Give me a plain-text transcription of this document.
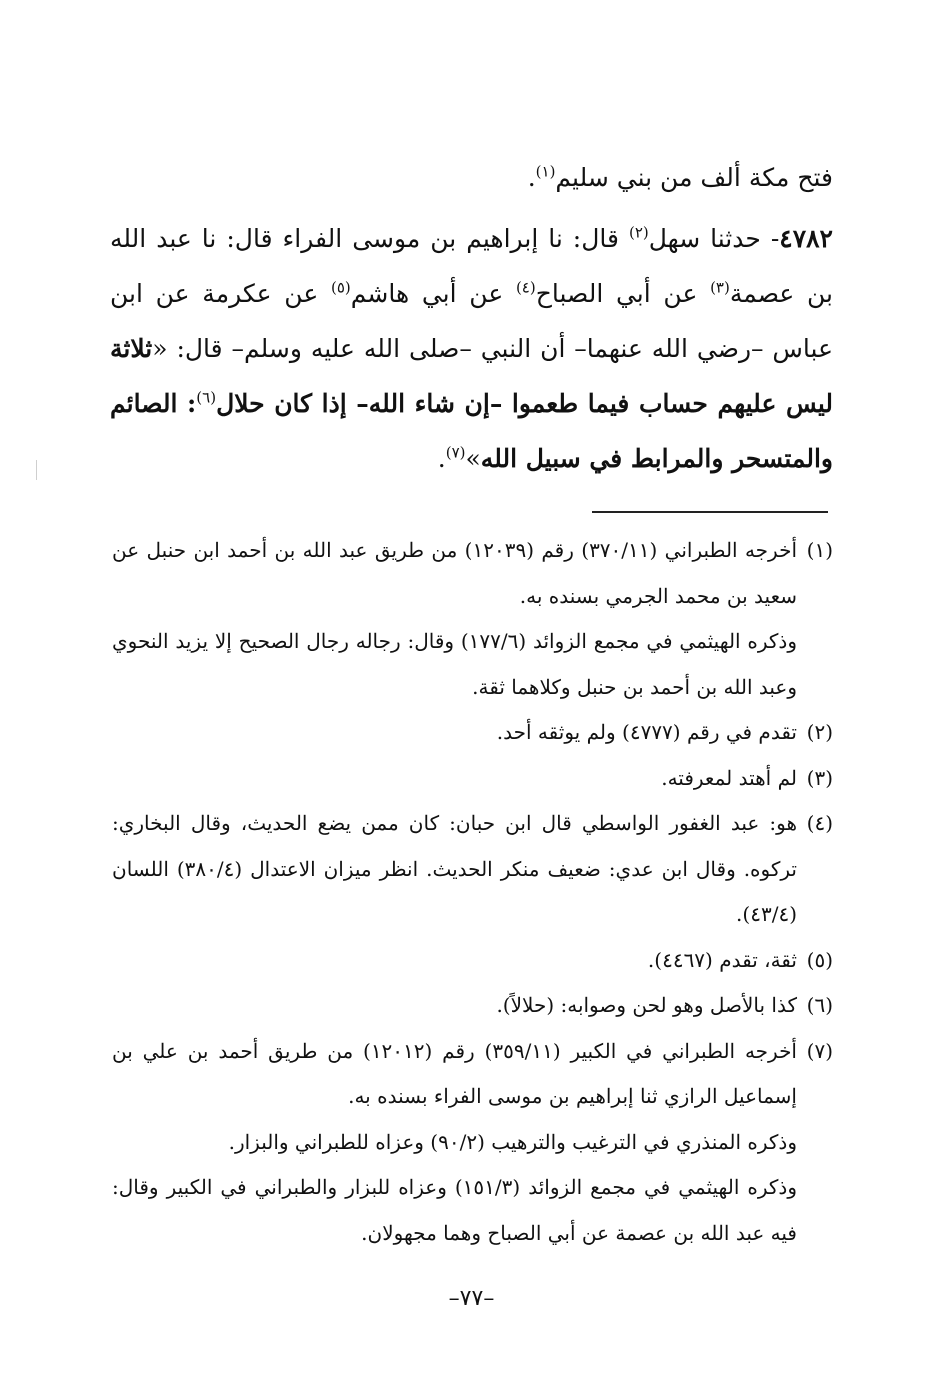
فتح مكة ألف من بني سليم$^{(١)}$.

٤٧٨٢- حدثنا سهل$^{(٢)}$ قال: نا إبراهيم بن موسى الفراء قال: نا عبد الله بن عصمة$^{(٣)}$ عن أبي الصباح$^{(٤)}$ عن أبي هاشم$^{(٥)}$ عن عكرمة عن ابن عباس –رضي الله عنهما– أن النبي –صلى الله عليه وسلم– قال: «ثلاثة ليس عليهم حساب فيما طعموا –إن شاء الله– إذا كان حلال$^{(٦)}$: الصائم والمتسحر والمرابط في سبيل الله»$^{(٧)}$.

(١)
أخرجه الطبراني (٣٧٠/١١) رقم (١٢٠٣٩) من طريق عبد الله بن أحمد ابن حنبل عن سعيد بن محمد الجرمي بسنده به.

وذكره الهيثمي في مجمع الزوائد (١٧٧/٦) وقال: رجاله رجال الصحيح إلا يزيد النحوي وعبد الله بن أحمد بن حنبل وكلاهما ثقة.

(٢)
تقدم في رقم (٤٧٧٧) ولم يوثقه أحد.

(٣)
لم أهتد لمعرفته.

(٤)
هو: عبد الغفور الواسطي قال ابن حبان: كان ممن يضع الحديث، وقال البخاري: تركوه. وقال ابن عدي: ضعيف منكر الحديث. انظر ميزان الاعتدال (٣٨٠/٤) اللسان (٤٣/٤).

(٥)
ثقة، تقدم (٤٤٦٧).

(٦)
كذا بالأصل وهو لحن وصوابه: (حلالاً).

(٧)
أخرجه الطبراني في الكبير (٣٥٩/١١) رقم (١٢٠١٢) من طريق أحمد بن علي بن إسماعيل الرازي ثنا إبراهيم بن موسى الفراء بسنده به.

وذكره المنذري في الترغيب والترهيب (٩٠/٢) وعزاه للطبراني والبزار.

وذكره الهيثمي في مجمع الزوائد (١٥١/٣) وعزاه للبزار والطبراني في الكبير وقال: فيه عبد الله بن عصمة عن أبي الصباح وهما مجهولان.

–٧٧–
